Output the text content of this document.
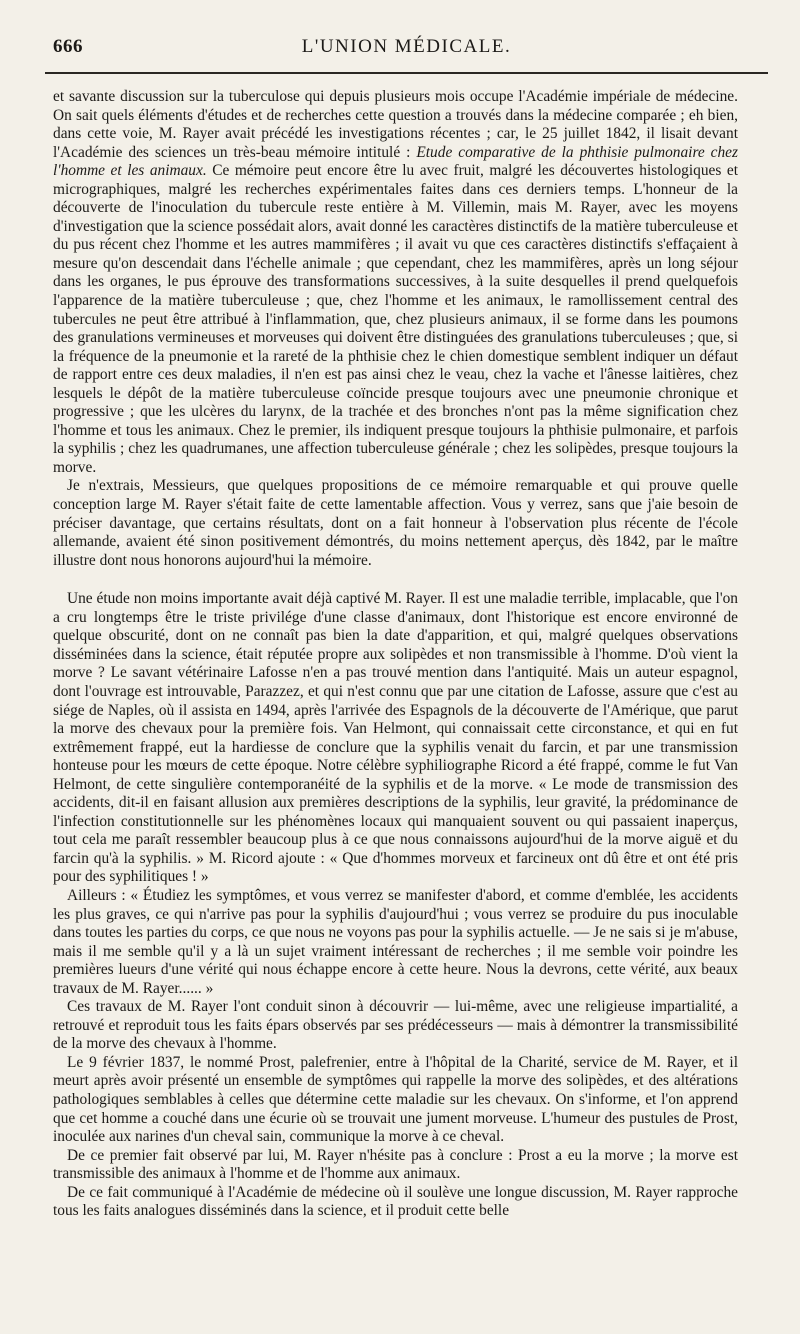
666	L'UNION MÉDICALE.

et savante discussion sur la tuberculose qui depuis plusieurs mois occupe l'Académie impériale de médecine. On sait quels éléments d'études et de recherches cette question a trouvés dans la médecine comparée ; eh bien, dans cette voie, M. Rayer avait précédé les investigations récentes ; car, le 25 juillet 1842, il lisait devant l'Académie des sciences un très-beau mémoire intitulé : Etude comparative de la phthisie pulmonaire chez l'homme et les animaux. Ce mémoire peut encore être lu avec fruit, malgré les découvertes histologiques et micrographiques, malgré les recherches expérimentales faites dans ces derniers temps. L'honneur de la découverte de l'inoculation du tubercule reste entière à M. Villemin, mais M. Rayer, avec les moyens d'investigation que la science possédait alors, avait donné les caractères distinctifs de la matière tuberculeuse et du pus récent chez l'homme et les autres mammifères ; il avait vu que ces caractères distinctifs s'effaçaient à mesure qu'on descendait dans l'échelle animale ; que cependant, chez les mammifères, après un long séjour dans les organes, le pus éprouve des transformations successives, à la suite desquelles il prend quelquefois l'apparence de la matière tuberculeuse ; que, chez l'homme et les animaux, le ramollissement central des tubercules ne peut être attribué à l'inflammation, que, chez plusieurs animaux, il se forme dans les poumons des granulations vermineuses et morveuses qui doivent être distinguées des granulations tuberculeuses ; que, si la fréquence de la pneumonie et la rareté de la phthisie chez le chien domestique semblent indiquer un défaut de rapport entre ces deux maladies, il n'en est pas ainsi chez le veau, chez la vache et l'ânesse laitières, chez lesquels le dépôt de la matière tuberculeuse coïncide presque toujours avec une pneumonie chronique et progressive ; que les ulcères du larynx, de la trachée et des bronches n'ont pas la même signification chez l'homme et tous les animaux. Chez le premier, ils indiquent presque toujours la phthisie pulmonaire, et parfois la syphilis ; chez les quadrumanes, une affection tuberculeuse générale ; chez les solipèdes, presque toujours la morve.

Je n'extrais, Messieurs, que quelques propositions de ce mémoire remarquable et qui prouve quelle conception large M. Rayer s'était faite de cette lamentable affection. Vous y verrez, sans que j'aie besoin de préciser davantage, que certains résultats, dont on a fait honneur à l'observation plus récente de l'école allemande, avaient été sinon positivement démontrés, du moins nettement aperçus, dès 1842, par le maître illustre dont nous honorons aujourd'hui la mémoire.

Une étude non moins importante avait déjà captivé M. Rayer. Il est une maladie terrible, implacable, que l'on a cru longtemps être le triste privilége d'une classe d'animaux, dont l'historique est encore environné de quelque obscurité, dont on ne connaît pas bien la date d'apparition, et qui, malgré quelques observations disséminées dans la science, était réputée propre aux solipèdes et non transmissible à l'homme. D'où vient la morve ? Le savant vétérinaire Lafosse n'en a pas trouvé mention dans l'antiquité. Mais un auteur espagnol, dont l'ouvrage est introuvable, Parazzez, et qui n'est connu que par une citation de Lafosse, assure que c'est au siége de Naples, où il assista en 1494, après l'arrivée des Espagnols de la découverte de l'Amérique, que parut la morve des chevaux pour la première fois. Van Helmont, qui connaissait cette circonstance, et qui en fut extrêmement frappé, eut la hardiesse de conclure que la syphilis venait du farcin, et par une transmission honteuse pour les mœurs de cette époque. Notre célèbre syphiliographe Ricord a été frappé, comme le fut Van Helmont, de cette singulière contemporanéité de la syphilis et de la morve. « Le mode de transmission des accidents, dit-il en faisant allusion aux premières descriptions de la syphilis, leur gravité, la prédominance de l'infection constitutionnelle sur les phénomènes locaux qui manquaient souvent ou qui passaient inaperçus, tout cela me paraît ressembler beaucoup plus à ce que nous connaissons aujourd'hui de la morve aiguë et du farcin qu'à la syphilis. » M. Ricord ajoute : « Que d'hommes morveux et farcineux ont dû être et ont été pris pour des syphilitiques ! »

Ailleurs : « Étudiez les symptômes, et vous verrez se manifester d'abord, et comme d'emblée, les accidents les plus graves, ce qui n'arrive pas pour la syphilis d'aujourd'hui ; vous verrez se produire du pus inoculable dans toutes les parties du corps, ce que nous ne voyons pas pour la syphilis actuelle. — Je ne sais si je m'abuse, mais il me semble qu'il y a là un sujet vraiment intéressant de recherches ; il me semble voir poindre les premières lueurs d'une vérité qui nous échappe encore à cette heure. Nous la devrons, cette vérité, aux beaux travaux de M. Rayer...... »

Ces travaux de M. Rayer l'ont conduit sinon à découvrir — lui-même, avec une religieuse impartialité, a retrouvé et reproduit tous les faits épars observés par ses prédécesseurs — mais à démontrer la transmissibilité de la morve des chevaux à l'homme.

Le 9 février 1837, le nommé Prost, palefrenier, entre à l'hôpital de la Charité, service de M. Rayer, et il meurt après avoir présenté un ensemble de symptômes qui rappelle la morve des solipèdes, et des altérations pathologiques semblables à celles que détermine cette maladie sur les chevaux. On s'informe, et l'on apprend que cet homme a couché dans une écurie où se trouvait une jument morveuse. L'humeur des pustules de Prost, inoculée aux narines d'un cheval sain, communique la morve à ce cheval.

De ce premier fait observé par lui, M. Rayer n'hésite pas à conclure : Prost a eu la morve ; la morve est transmissible des animaux à l'homme et de l'homme aux animaux.

De ce fait communiqué à l'Académie de médecine où il soulève une longue discussion, M. Rayer rapproche tous les faits analogues disséminés dans la science, et il produit cette belle
